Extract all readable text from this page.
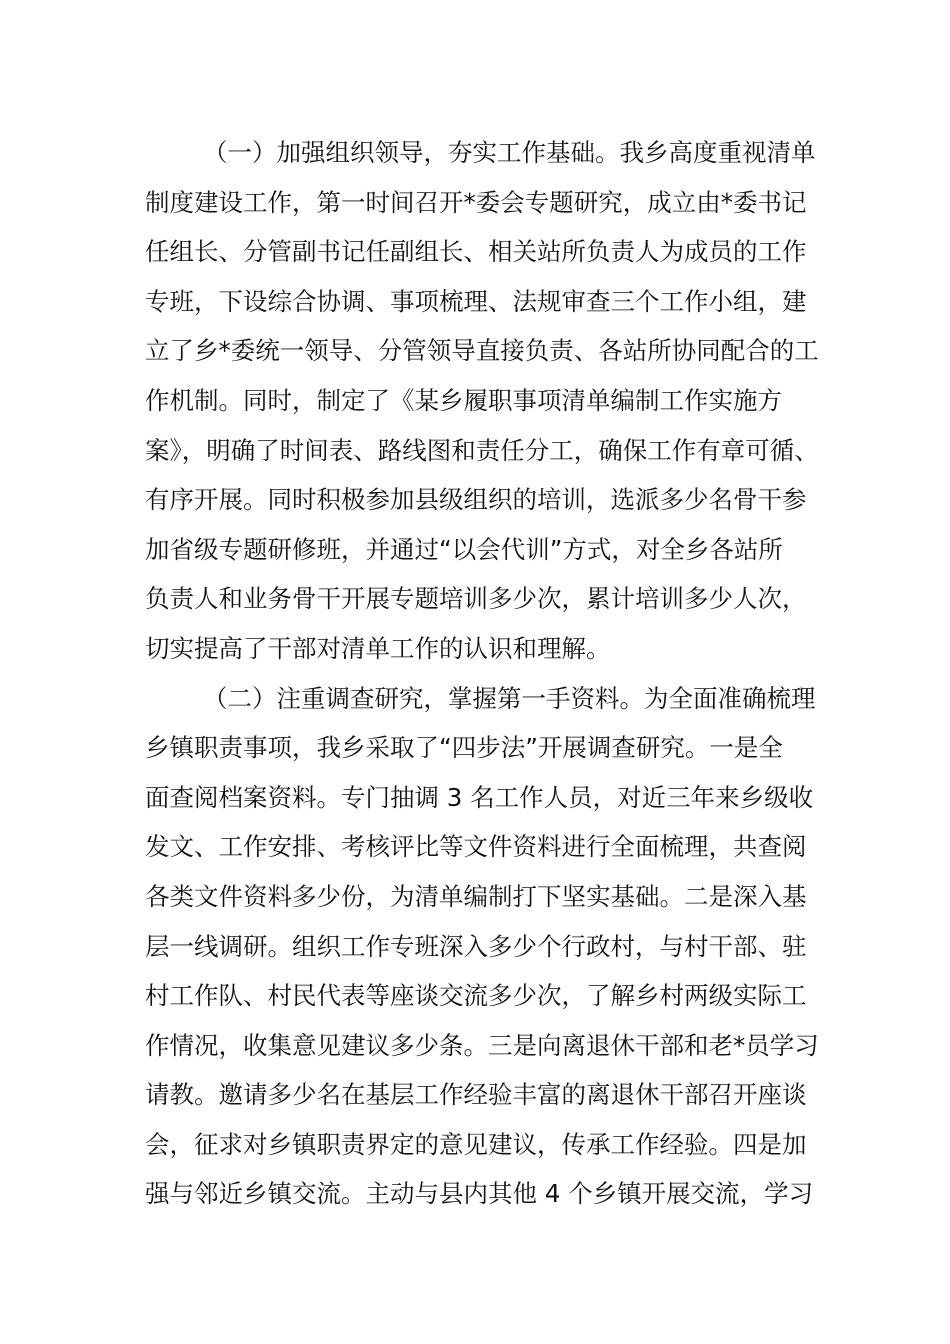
（一）加强组织领导，夯实工作基础。我乡高度重视清单
制度建设工作，第一时间召开*委会专题研究，成立由*委书记
任组长、分管副书记任副组长、相关站所负责人为成员的工作
专班，下设综合协调、事项梳理、法规审查三个工作小组，建
立了乡*委统一领导、分管领导直接负责、各站所协同配合的工
作机制。同时，制定了《某乡履职事项清单编制工作实施方
案》，明确了时间表、路线图和责任分工，确保工作有章可循、
有序开展。同时积极参加县级组织的培训，选派多少名骨干参
加省级专题研修班，并通过“以会代训”方式，对全乡各站所
负责人和业务骨干开展专题培训多少次，累计培训多少人次，
切实提高了干部对清单工作的认识和理解。
（二）注重调查研究，掌握第一手资料。为全面准确梳理
乡镇职责事项，我乡采取了“四步法”开展调查研究。一是全
面查阅档案资料。专门抽调 3 名工作人员，对近三年来乡级收
发文、工作安排、考核评比等文件资料进行全面梳理，共查阅
各类文件资料多少份，为清单编制打下坚实基础。二是深入基
层一线调研。组织工作专班深入多少个行政村，与村干部、驻
村工作队、村民代表等座谈交流多少次，了解乡村两级实际工
作情况，收集意见建议多少条。三是向离退休干部和老*员学习
请教。邀请多少名在基层工作经验丰富的离退休干部召开座谈
会，征求对乡镇职责界定的意见建议，传承工作经验。四是加
强与邻近乡镇交流。主动与县内其他 4 个乡镇开展交流，学习
